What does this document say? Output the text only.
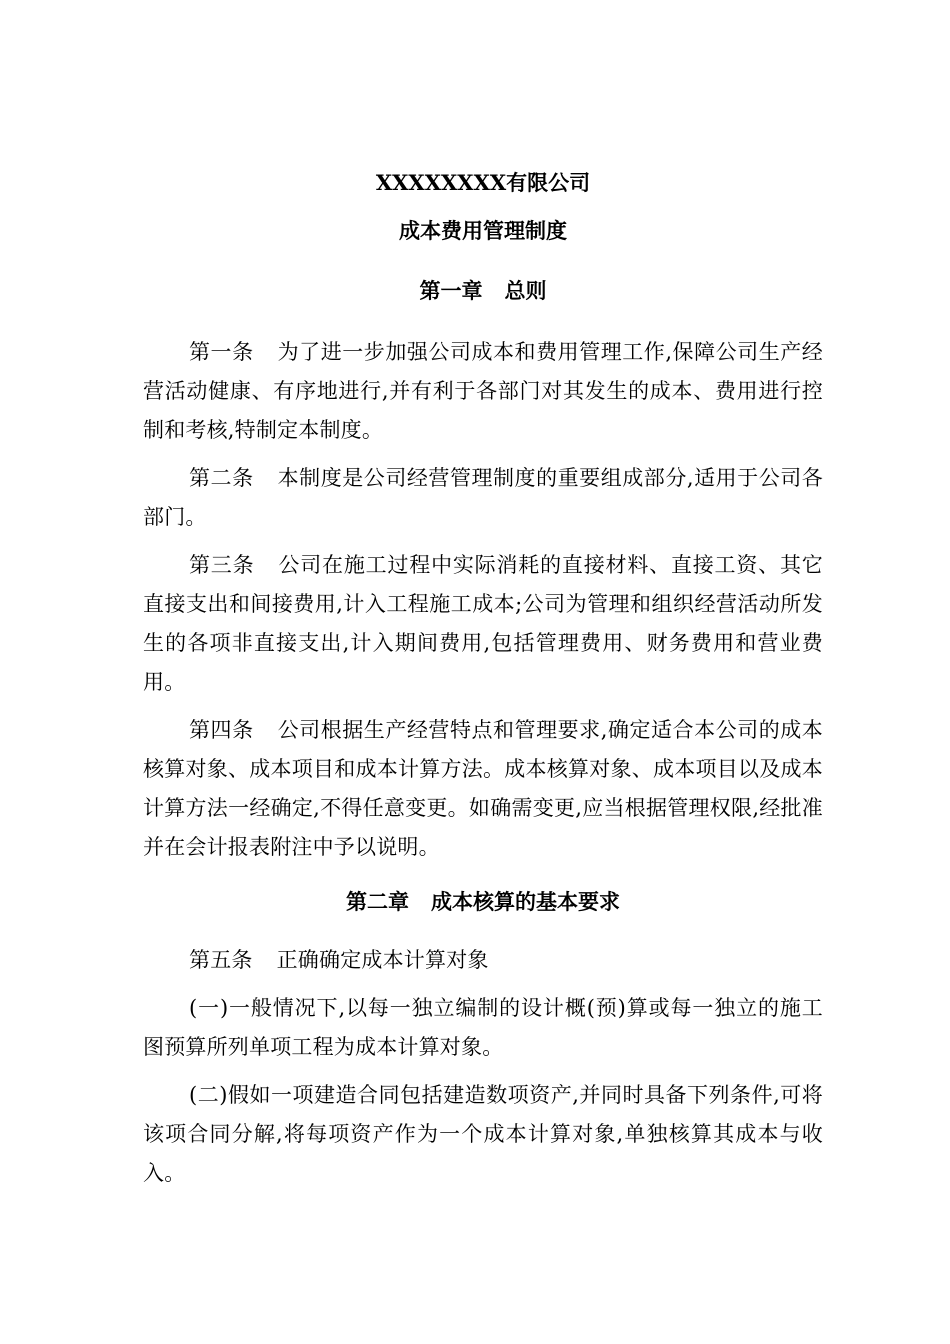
XXXXXXXX有限公司

成本费用管理制度

第一章 总则

第一条 为了进一步加强公司成本和费用管理工作,保障公司生产经营活动健康、有序地进行,并有利于各部门对其发生的成本、费用进行控制和考核,特制定本制度。

第二条 本制度是公司经营管理制度的重要组成部分,适用于公司各部门。

第三条 公司在施工过程中实际消耗的直接材料、直接工资、其它直接支出和间接费用,计入工程施工成本;公司为管理和组织经营活动所发生的各项非直接支出,计入期间费用,包括管理费用、财务费用和营业费用。

第四条 公司根据生产经营特点和管理要求,确定适合本公司的成本核算对象、成本项目和成本计算方法。成本核算对象、成本项目以及成本计算方法一经确定,不得任意变更。如确需变更,应当根据管理权限,经批准并在会计报表附注中予以说明。

第二章 成本核算的基本要求

第五条 正确确定成本计算对象

(一)一般情况下,以每一独立编制的设计概(预)算或每一独立的施工图预算所列单项工程为成本计算对象。

(二)假如一项建造合同包括建造数项资产,并同时具备下列条件,可将该项合同分解,将每项资产作为一个成本计算对象,单独核算其成本与收入。
